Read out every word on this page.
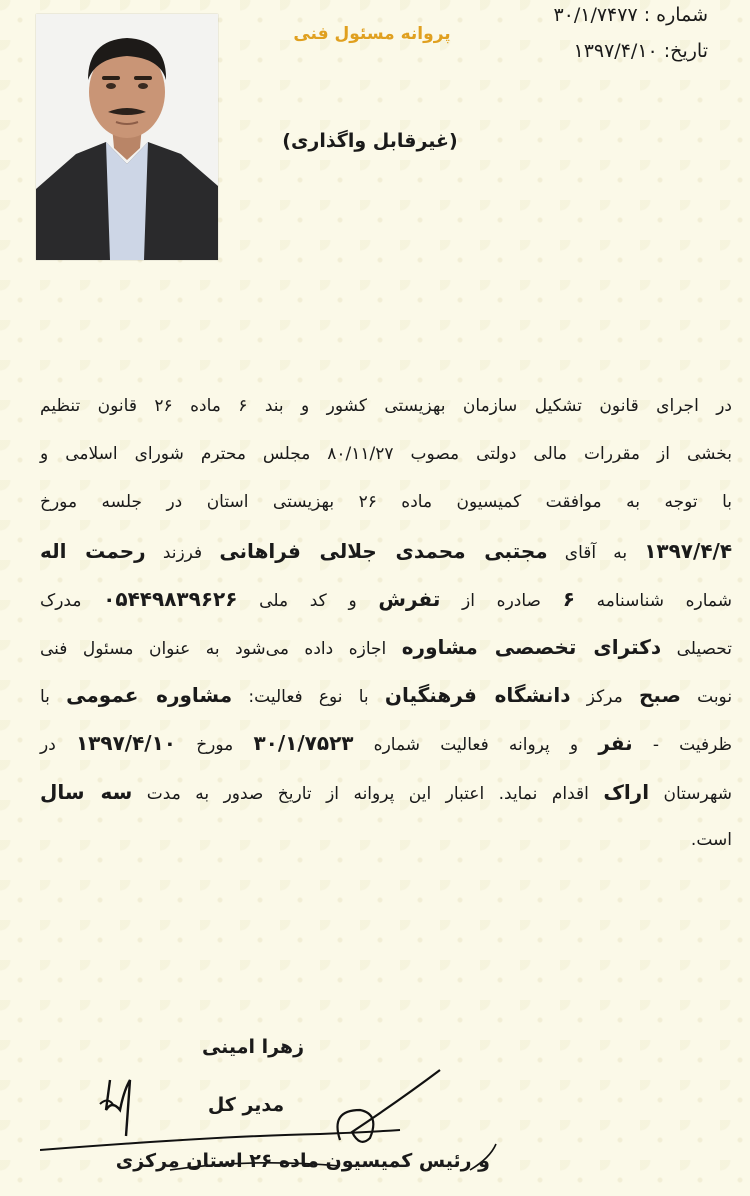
شماره : ۳۰/۱/۷۴۷۷
تاریخ: ۱۳۹۷/۴/۱۰
پروانه مسئول فنی
(غیرقابل واگذاری)
در اجرای قانون تشکیل سازمان بهزیستی کشور و بند ۶ ماده ۲۶ قانون تنظیم
بخشی از مقررات مالی دولتی مصوب ۸۰/۱۱/۲۷ مجلس محترم شورای اسلامی و
با توجه به موافقت کمیسیون ماده ۲۶ بهزیستی استان در جلسه مورخ
۱۳۹۷/۴/۴ به آقای مجتبی محمدی جلالی فراهانی فرزند رحمت اله
شماره شناسنامه ۶ صادره از تفرش و کد ملی ۰۵۴۴۹۸۳۹۶۲۶ مدرک
تحصیلی دکترای تخصصی مشاوره اجازه داده می‌شود به عنوان مسئول فنی
نوبت صبح مرکز دانشگاه فرهنگیان با نوع فعالیت: مشاوره عمومی با
ظرفیت - نفر و پروانه فعالیت شماره ۳۰/۱/۷۵۲۳ مورخ ۱۳۹۷/۴/۱۰ در
شهرستان اراک اقدام نماید. اعتبار این پروانه از تاریخ صدور به مدت سه سال
است.
زهرا امینی
مدیر کل
و رئیس کمیسیون ماده ۲۶ استان مرکزی
